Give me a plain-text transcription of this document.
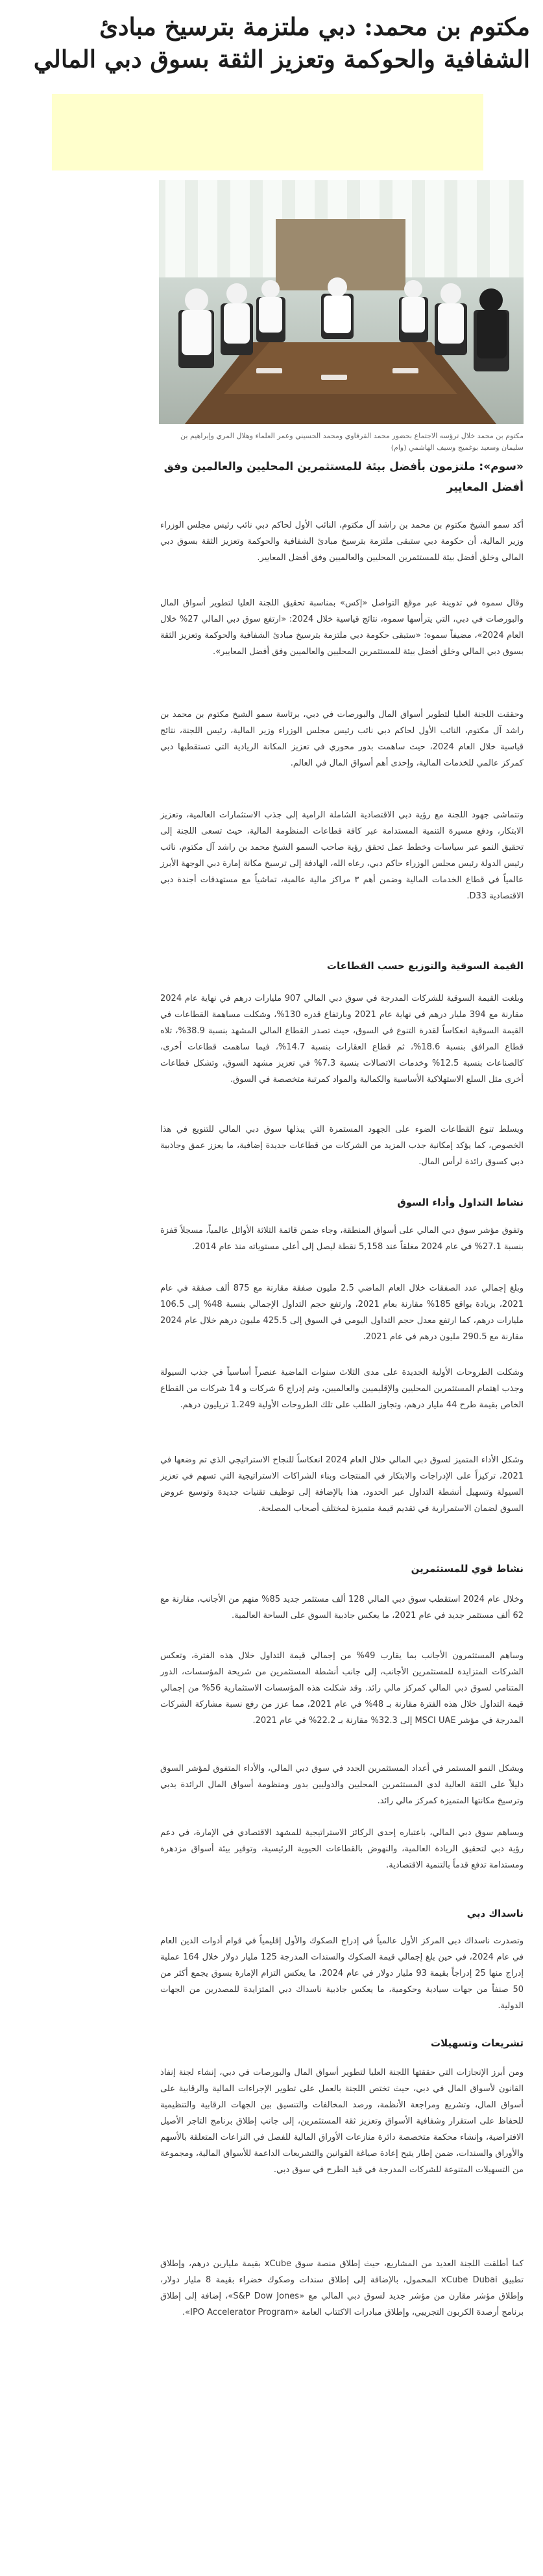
مكتوم بن محمد: دبي ملتزمة بترسيخ مبادئ الشفافية والحوكمة وتعزيز الثقة بسوق دبي المالي
مكتوم بن محمد خلال ترؤسه الاجتماع بحضور محمد القرقاوي ومحمد الحسيني وعمر العلماء وهلال المري وإبراهيم بن سليمان وسعيد بوغميج وسيف الهاشمي (وام)
«سوم»: ملتزمون بأفضل بيئة للمستثمرين المحليين والعالمين وفق أفضل المعايير

أكد سمو الشيخ مكتوم بن محمد بن راشد آل مكتوم، النائب الأول لحاكم دبي نائب رئيس مجلس الوزراء وزير المالية، أن حكومة دبي ستبقى ملتزمة بترسيخ مبادئ الشفافية والحوكمة وتعزيز الثقة بسوق دبي المالي وخلق أفضل بيئة للمستثمرين المحليين والعالميين وفق أفضل المعايير.

وقال سموه في تدوينة عبر موقع التواصل «إكس» بمناسبة تحقيق اللجنة العليا لتطوير أسواق المال والبورصات في دبي، التي يترأسها سموه، نتائج قياسية خلال 2024: «ارتفع سوق دبي المالي 27% خلال العام 2024»، مضيفاً سموه: «ستبقى حكومة دبي ملتزمة بترسيخ مبادئ الشفافية والحوكمة وتعزيز الثقة بسوق دبي المالي وخلق أفضل بيئة للمستثمرين المحليين والعالميين وفق أفضل المعايير».

وحققت اللجنة العليا لتطوير أسواق المال والبورصات في دبي، برئاسة سمو الشيخ مكتوم بن محمد بن راشد آل مكتوم، النائب الأول لحاكم دبي نائب رئيس مجلس الوزراء وزير المالية، رئيس اللجنة، نتائج قياسية خلال العام 2024، حيث ساهمت بدور محوري في تعزيز المكانة الريادية التي تستقطبها دبي كمركز عالمي للخدمات المالية، وإحدى أهم أسواق المال في العالم.

وتتماشى جهود اللجنة مع رؤية دبي الاقتصادية الشاملة الرامية إلى جذب الاستثمارات العالمية، وتعزيز الابتكار، ودفع مسيرة التنمية المستدامة عبر كافة قطاعات المنظومة المالية، حيث تسعى اللجنة إلى تحقيق النمو عبر سياسات وخطط عمل تحقق رؤية صاحب السمو الشيخ محمد بن راشد آل مكتوم، نائب رئيس الدولة رئيس مجلس الوزراء حاكم دبي، رعاه الله، الهادفة إلى ترسيخ مكانة إمارة دبي الوجهة الأبرز عالمياً في قطاع الخدمات المالية وضمن أهم ٣ مراكز مالية عالمية، تماشياً مع مستهدفات أجندة دبي الاقتصادية D33.

القيمة السوقية والتوزيع حسب القطاعات

وبلغت القيمة السوقية للشركات المدرجة في سوق دبي المالي 907 مليارات درهم في نهاية عام 2024 مقارنة مع 394 مليار درهم في نهاية عام 2021 وبارتفاع قدره 130%، وشكلت مساهمة القطاعات في القيمة السوقية انعكاساً لقدرة التنوع في السوق، حيث تصدر القطاع المالي المشهد بنسبة 38.9%، تلاه قطاع المرافق بنسبة 18.6%، ثم قطاع العقارات بنسبة 14.7%، فيما ساهمت قطاعات أخرى، كالصناعات بنسبة 12.5% وخدمات الاتصالات بنسبة 7.3% في تعزيز مشهد السوق، وتشكل قطاعات أخرى مثل السلع الاستهلاكية الأساسية والكمالية والمواد كمرتبة متخصصة في السوق.

ويسلط تنوع القطاعات الضوء على الجهود المستمرة التي يبذلها سوق دبي المالي للتنويع في هذا الخصوص، كما يؤكد إمكانية جذب المزيد من الشركات من قطاعات جديدة إضافية، ما يعزز عمق وجاذبية دبي كسوق رائدة لرأس المال.

نشاط التداول وأداء السوق

وتفوق مؤشر سوق دبي المالي على أسواق المنطقة، وجاء ضمن قائمة الثلاثة الأوائل عالمياً، مسجلاً قفزة بنسبة 27.1% في عام 2024 مغلقاً عند 5,158 نقطة ليصل إلى أعلى مستوياته منذ عام 2014.

وبلغ إجمالي عدد الصفقات خلال العام الماضي 2.5 مليون صفقة مقارنة مع 875 ألف صفقة في عام 2021، بزيادة بواقع 185% مقارنة بعام 2021، وارتفع حجم التداول الإجمالي بنسبة 48% إلى 106.5 مليارات درهم، كما ارتفع معدل حجم التداول اليومي في السوق إلى 425.5 مليون درهم خلال عام 2024 مقارنة مع 290.5 مليون درهم في عام 2021.

وشكلت الطروحات الأولية الجديدة على مدى الثلاث سنوات الماضية عنصراً أساسياً في جذب السيولة وجذب اهتمام المستثمرين المحليين والإقليميين والعالميين، وتم إدراج 6 شركات و 14 شركات من القطاع الخاص بقيمة طرح 44 مليار درهم، وتجاوز الطلب على تلك الطروحات الأولية 1.249 تريليون درهم.

وشكل الأداء المتميز لسوق دبي المالي خلال العام 2024 انعكاساً للنجاح الاستراتيجي الذي تم وضعها في 2021، تركيزاً على الإدراجات والابتكار في المنتجات وبناء الشراكات الاستراتيجية التي تسهم في تعزيز السيولة وتسهيل أنشطة التداول عبر الحدود، هذا بالإضافة إلى توظيف تقنيات جديدة وتوسيع عروض السوق لضمان الاستمرارية في تقديم قيمة متميزة لمختلف أصحاب المصلحة.

نشاط قوي للمستثمرين

وخلال عام 2024 استقطب سوق دبي المالي 128 ألف مستثمر جديد 85% منهم من الأجانب، مقارنة مع 62 ألف مستثمر جديد في عام 2021، ما يعكس جاذبية السوق على الساحة العالمية.

وساهم المستثمرون الأجانب بما يقارب 49% من إجمالي قيمة التداول خلال هذه الفترة، وتعكس الشركات المتزايدة للمستثمرين الأجانب، إلى جانب أنشطة المستثمرين من شريحة المؤسسات، الدور المتنامي لسوق دبي المالي كمركز مالي رائد. وقد شكلت هذه المؤسسات الاستثمارية 56% من إجمالي قيمة التداول خلال هذه الفترة مقارنة بـ 48% في عام 2021، مما عزز من رفع نسبة مشاركة الشركات المدرجة في مؤشر MSCI UAE إلى 32.3% مقارنة بـ 22.2% في عام 2021.

ويشكل النمو المستمر في أعداد المستثمرين الجدد في سوق دبي المالي، والأداء المتفوق لمؤشر السوق دليلاً على الثقة العالية لدى المستثمرين المحليين والدوليين بدور ومنظومة أسواق المال الرائدة بدبي وترسيخ مكانتها المتميزة كمركز مالي رائد.

ويساهم سوق دبي المالي، باعتباره إحدى الركائز الاستراتيجية للمشهد الاقتصادي في الإمارة، في دعم رؤية دبي لتحقيق الريادة العالمية، والنهوض بالقطاعات الحيوية الرئيسية، وتوفير بيئة أسواق مزدهرة ومستدامة تدفع قدماً بالتنمية الاقتصادية.

ناسداك دبي

وتصدرت ناسداك دبي المركز الأول عالمياً في إدراج الصكوك والأول إقليمياً في قوام أدوات الدين العام في عام 2024، في حين بلغ إجمالي قيمة الصكوك والسندات المدرجة 125 مليار دولار خلال 164 عملية إدراج منها 25 إدراجاً بقيمة 93 مليار دولار في عام 2024، ما يعكس التزام الإمارة بسوق يجمع أكثر من 50 صنفاً من جهات سيادية وحكومية، ما يعكس جاذبية ناسداك دبي المتزايدة للمصدرين من الجهات الدولية.

تشريعات وتسهيلات

ومن أبرز الإنجازات التي حققتها اللجنة العليا لتطوير أسواق المال والبورصات في دبي، إنشاء لجنة إنفاذ القانون لأسواق المال في دبي، حيث تختص اللجنة بالعمل على تطوير الإجراءات المالية والرقابية على أسواق المال، وتشريع ومراجعة الأنظمة، ورصد المخالفات والتنسيق بين الجهات الرقابية والتنظيمية للحفاظ على استقرار وشفافية الأسواق وتعزيز ثقة المستثمرين، إلى جانب إطلاق برنامج التاجر الأصيل الافتراضية، وإنشاء محكمة متخصصة دائرة منازعات الأوراق المالية للفصل في النزاعات المتعلقة بالأسهم والأوراق والسندات، ضمن إطار يتيح إعادة صياغة القوانين والتشريعات الداعمة للأسواق المالية، ومجموعة من التسهيلات المتنوعة للشركات المدرجة في قيد الطرح في سوق دبي.

كما أطلقت اللجنة العديد من المشاريع، حيث إطلاق منصة سوق xCube بقيمة مليارين درهم، وإطلاق تطبيق xCube Dubai المحمول، بالإضافة إلى إطلاق سندات وصكوك خضراء بقيمة 8 مليار دولار، وإطلاق مؤشر مقارن من مؤشر جديد لسوق دبي المالي مع «S&P Dow Jones»، إضافة إلى إطلاق برنامج أرصدة الكربون التجريبي، وإطلاق مبادرات الاكتتاب العامة «IPO Accelerator Program».
